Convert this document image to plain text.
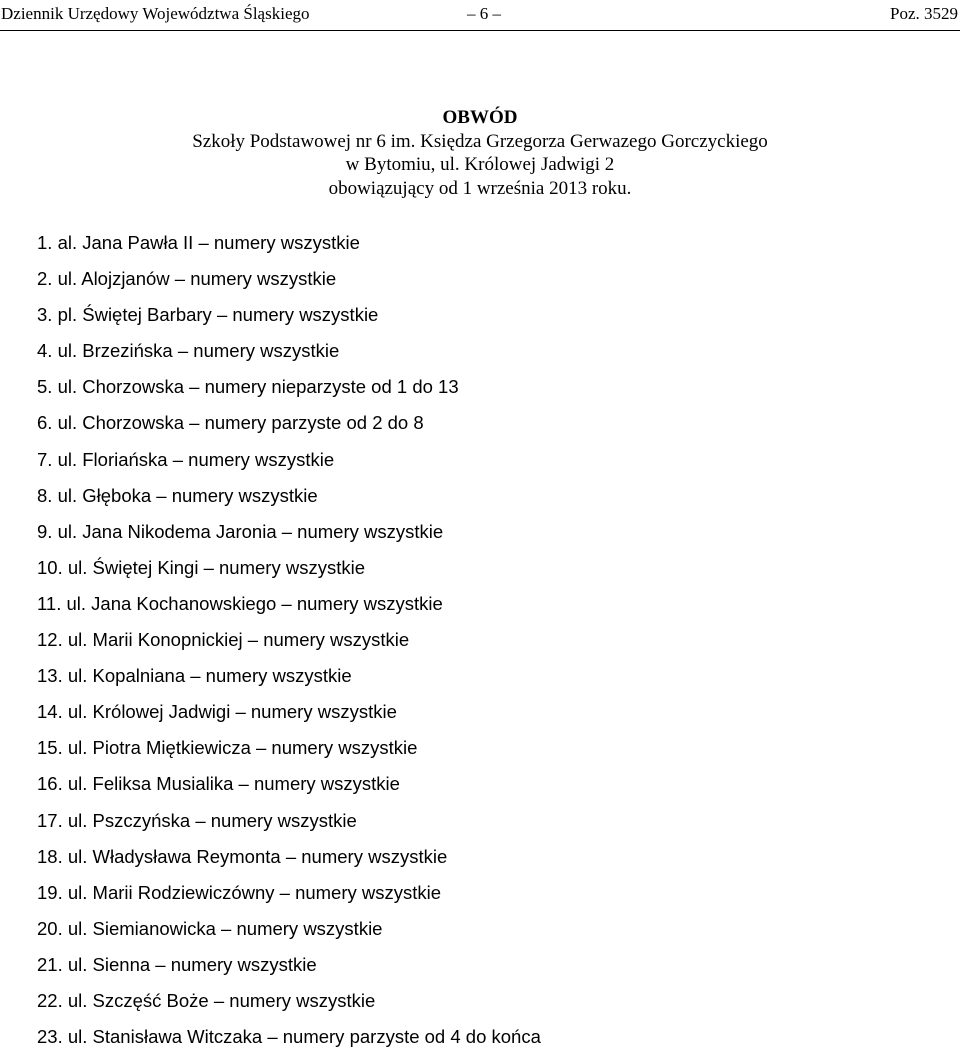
Dziennik Urzędowy Województwa Śląskiego	– 6 –	Poz. 3529
OBWÓD
Szkoły Podstawowej nr 6 im. Księdza Grzegorza Gerwazego Gorczyckiego
w Bytomiu, ul. Królowej Jadwigi 2
obowiązujący od 1 września 2013 roku.
1. al. Jana Pawła II – numery wszystkie
2. ul. Alojzjanów – numery wszystkie
3. pl. Świętej Barbary – numery wszystkie
4. ul. Brzezińska – numery wszystkie
5. ul. Chorzowska – numery nieparzyste od 1 do 13
6. ul. Chorzowska – numery parzyste od 2 do 8
7. ul. Floriańska – numery wszystkie
8. ul. Głęboka – numery wszystkie
9. ul. Jana Nikodema Jaronia – numery wszystkie
10. ul. Świętej Kingi – numery wszystkie
11. ul. Jana Kochanowskiego – numery wszystkie
12. ul. Marii Konopnickiej – numery wszystkie
13. ul. Kopalniana – numery wszystkie
14. ul. Królowej Jadwigi – numery wszystkie
15. ul. Piotra Miętkiewicza – numery wszystkie
16. ul. Feliksa Musialika – numery wszystkie
17. ul. Pszczyńska – numery wszystkie
18. ul. Władysława Reymonta – numery wszystkie
19. ul. Marii Rodziewiczówny – numery wszystkie
20. ul. Siemianowicka – numery wszystkie
21. ul. Sienna – numery wszystkie
22. ul. Szczęść Boże – numery wszystkie
23. ul. Stanisława Witczaka – numery parzyste od 4 do końca
